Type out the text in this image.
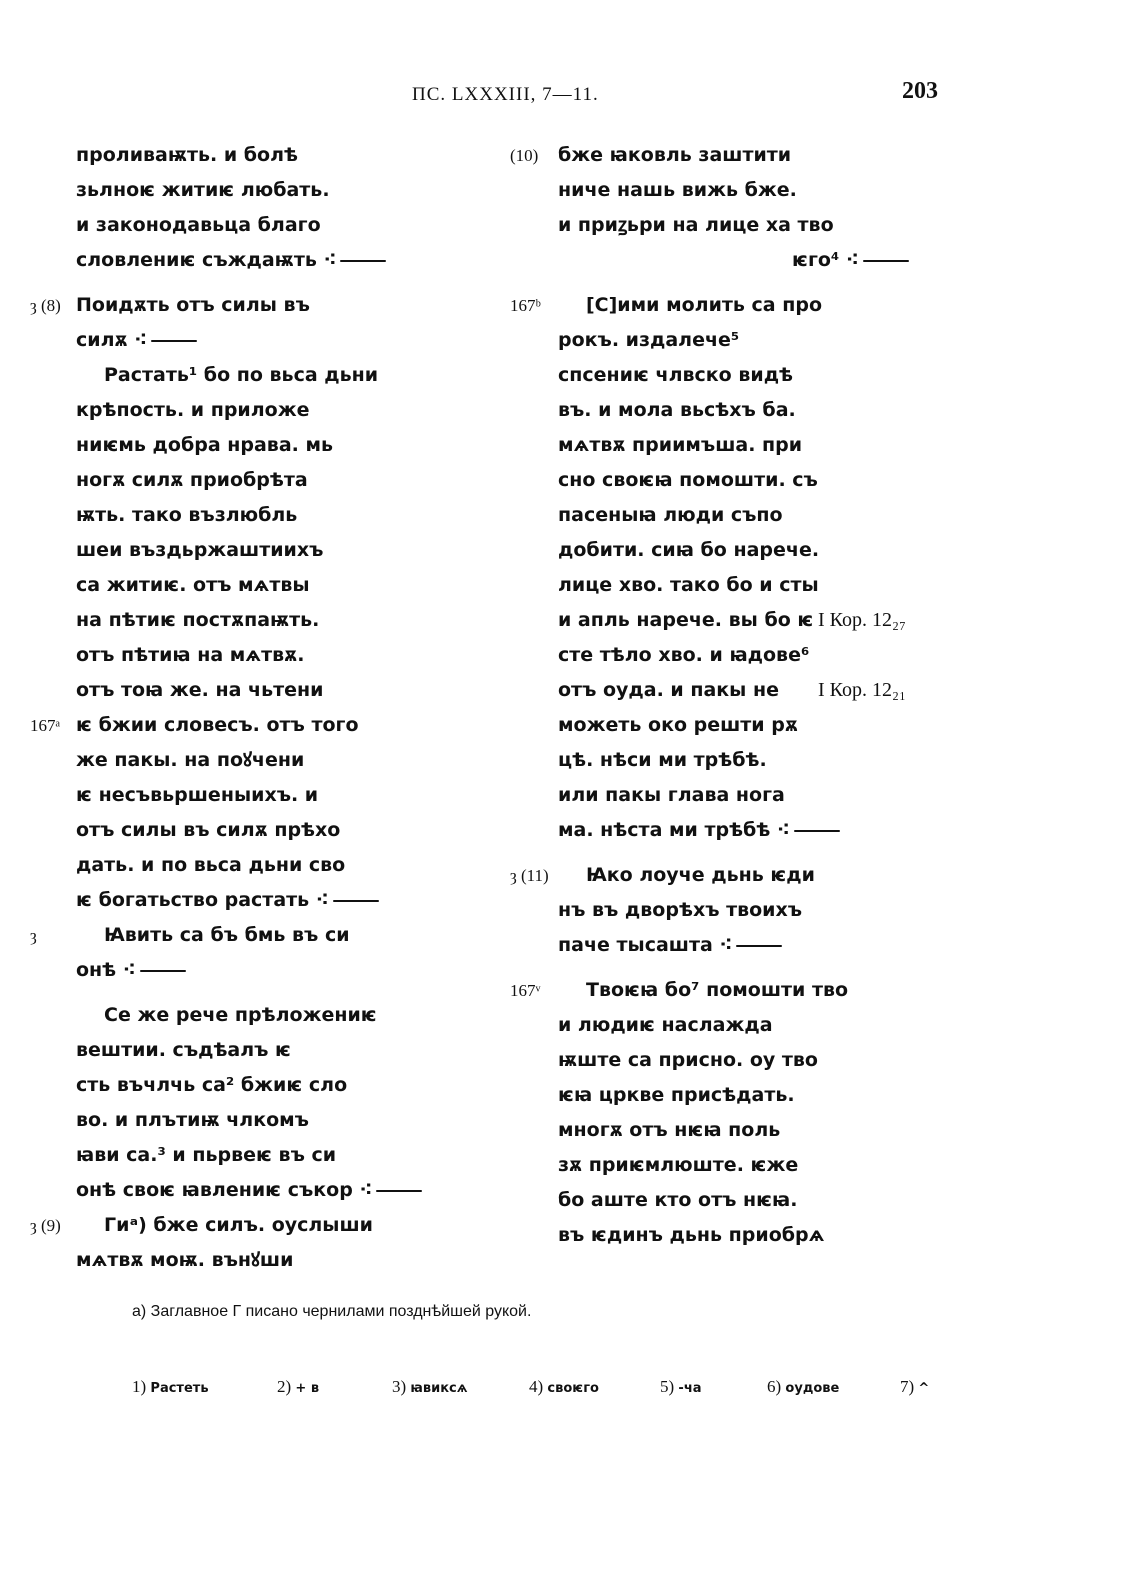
ПС. LXXXIII, 7—11.	203
проливаѭть. и болѣ
зьлноѥ житиѥ любать.
и законодавьца благо
словлениѥ съждаѭть ⁖
ȝ (8) Поидѫть отъ силы въ
силѫ ⁖
Растать¹ бо по вьса дьни
крѣпость. и приложе
ниѥмь добра нрава. мь
ногѫ силѫ приобрѣта
ѭть. тако възлюбль
шеи въздьржаштиихъ
са житиѥ. отъ мѧтвы
на пѣтиѥ постѫпаѭть.
отъ пѣтиꙗ на мѧтвѫ.
отъ тоꙗ же. на чьтени
167ᵃ ѥ бжии словесъ. отъ того
же пакы. на поꙋчени
ѥ несъвьршеныихъ. и
отъ силы въ силѫ прѣхо
дать. и по вьса дьни сво
ѥ богатьство растать ⁖
ȝ	Ꙗвить са бъ бмь въ си
онѣ ⁖
Се же рече прѣложениѥ
вештии. съдѣалъ ѥ
сть въчлчь са² бжиѥ сло
во. и плътиѭ члкомъ
ꙗви са.³ и пьрвеѥ въ си
онѣ своѥ ꙗвлениѥ съкор ⁖
ȝ (9) Гиᵃ) бже силъ. оуслыши
мѧтвѫ моѭ. вънꙋши
(10) бже ꙗковль заштити
ниче нашь вижь бже.
и приꙁьри на лице ха тво
ѥго⁴ ⁖
167ᵇ [С]ими молить са про
рокъ. издалече⁵
спсениѥ члвско видѣ
въ. и мола вьсѣхъ ба.
мѧтвѫ приимъша. при
сно своѥꙗ помошти. съ
пасеныꙗ люди съпо
добити. сиꙗ бо нарече.
лице хво. тако бо и сты
и апль нарече. вы бо ѥ I Кор. 12₂₇
сте тѣло хво. и ꙗдове⁶
отъ оуда. и пакы не I Кор. 12₂₁
можеть око решти рѫ
цѣ. нѣси ми трѣбѣ.
или пакы глава нога
ма. нѣста ми трѣбѣ ⁖
ȝ (11) Ꙗко лоуче дьнь ѥди
нъ въ дворѣхъ твоихъ
паче тысашта ⁖
167ᵛ Твоѥꙗ бо⁷ помошти тво
и людиѥ наслажда
ѭште са присно. оу тво
ѥꙗ цркве присѣдать.
многѫ отъ нѥꙗ поль
зѫ приѥмлюште. ѥже
бо аште кто отъ нѥꙗ.
въ ѥдинъ дьнь приобрѧ
а) Заглавное Г писано чернилами позднѣйшей рукой.
1) Растеть	2) + в	3) ꙗвиксѧ	4) своѥго	5) -ча	6) оудове	7) ^
